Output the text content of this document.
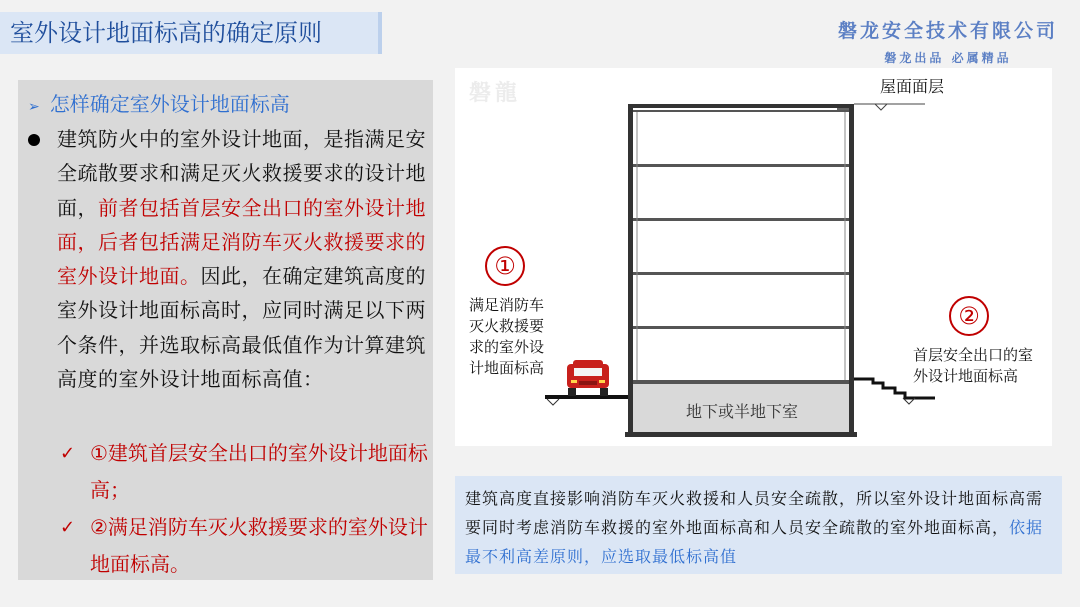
室外设计地面标高的确定原则	磐龙安全技术有限公司
磐龙出品 必属精品
➢ 怎样确定室外设计地面标高
建筑防火中的室外设计地面，是指满足安全疏散要求和满足灭火救援要求的设计地面，前者包括首层安全出口的室外设计地面，后者包括满足消防车灭火救援要求的室外设计地面。因此，在确定建筑高度的室外设计地面标高时，应同时满足以下两个条件，并选取标高最低值作为计算建筑高度的室外设计地面标高值：
✓ ①建筑首层安全出口的室外设计地面标高；
✓ ②满足消防车灭火救援要求的室外设计地面标高。
磐龍	屋面面层
地下或半地下室
①
满足消防车
灭火救援要
求的室外设
计地面标高
②
首层安全出口的室
外设计地面标高
建筑高度直接影响消防车灭火救援和人员安全疏散，所以室外设计地面标高需要同时考虑消防车救援的室外地面标高和人员安全疏散的室外地面标高，依据最不利高差原则，应选取最低标高值
